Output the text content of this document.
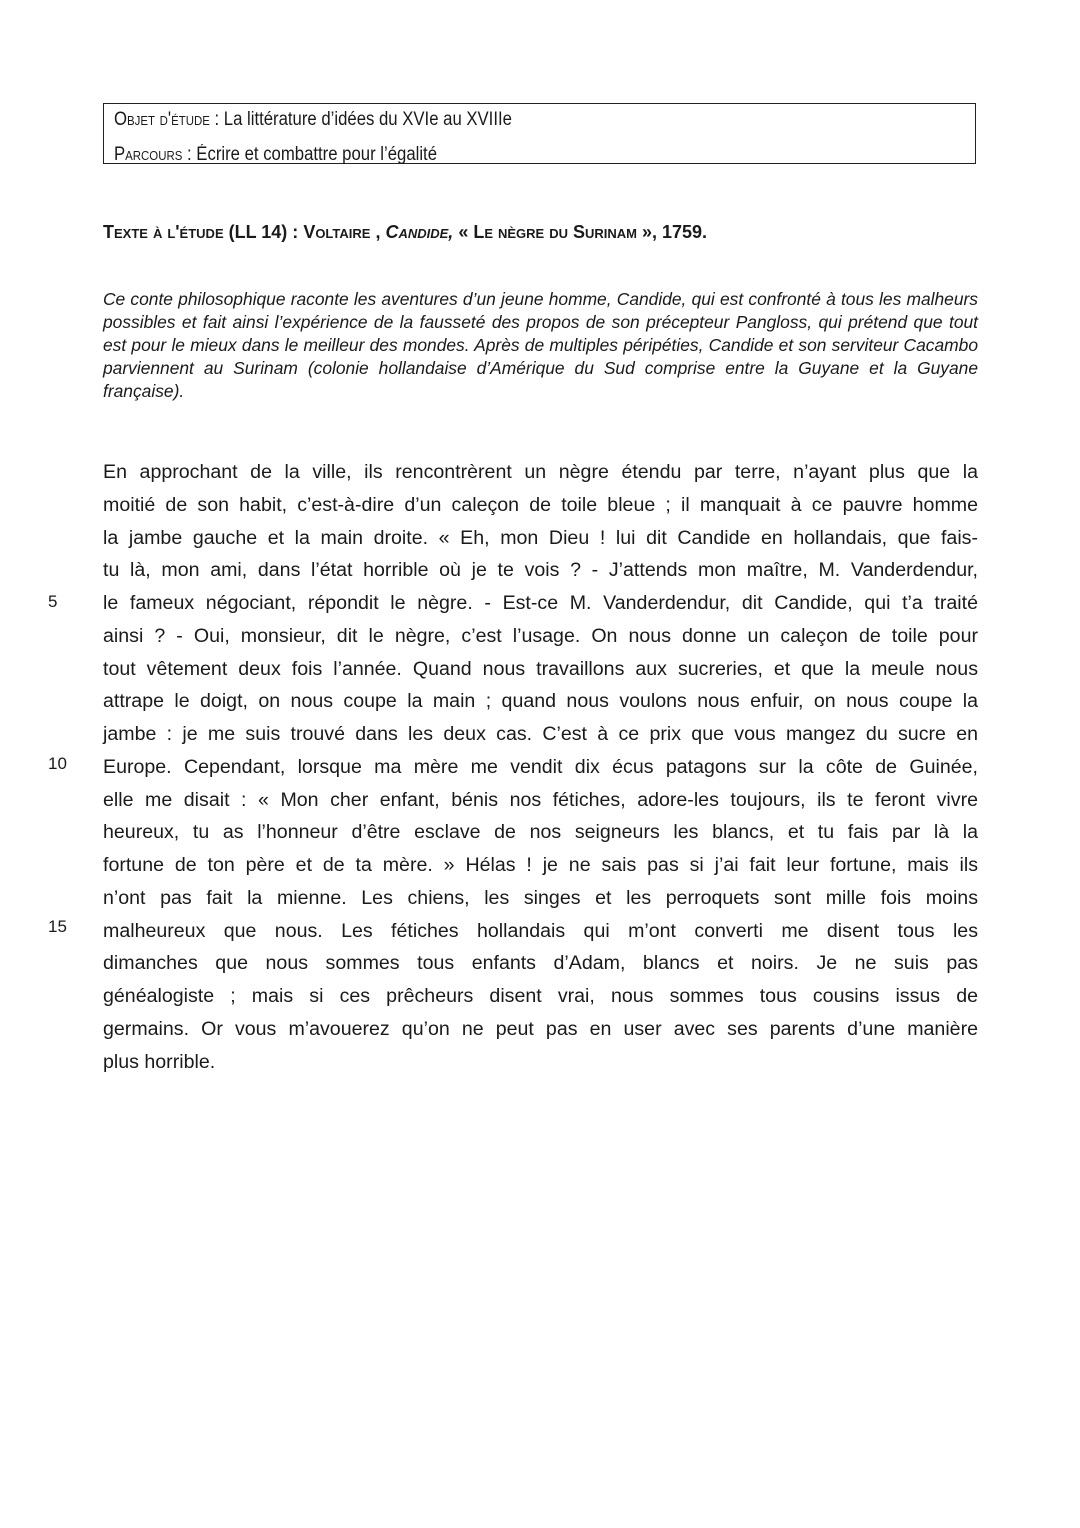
Objet d'étude : La littérature d’idées du XVIe au XVIIIe
Parcours : Écrire et combattre pour l’égalité
Texte à l'étude (LL 14) : Voltaire , Candide, « Le nègre du Surinam », 1759.

Ce conte philosophique raconte les aventures d’un jeune homme, Candide, qui est confronté à tous les malheurs possibles et fait ainsi l’expérience de la fausseté des propos de son précepteur Pangloss, qui prétend que tout est pour le mieux dans le meilleur des mondes. Après de multiples péripéties, Candide et son serviteur Cacambo parviennent au Surinam (colonie hollandaise d’Amérique du Sud comprise entre la Guyane et la Guyane française).

En approchant de la ville, ils rencontrèrent un nègre étendu par terre, n’ayant plus que la
moitié de son habit, c’est-à-dire d’un caleçon de toile bleue ; il manquait à ce pauvre homme
la jambe gauche et la main droite. « Eh, mon Dieu ! lui dit Candide en hollandais, que fais-
tu là, mon ami, dans l’état horrible où je te vois ? - J’attends mon maître, M. Vanderdendur,
le fameux négociant, répondit le nègre. - Est-ce M. Vanderdendur, dit Candide, qui t’a traité
ainsi ? - Oui, monsieur, dit le nègre, c’est l’usage. On nous donne un caleçon de toile pour
tout vêtement deux fois l’année. Quand nous travaillons aux sucreries, et que la meule nous
attrape le doigt, on nous coupe la main ; quand nous voulons nous enfuir, on nous coupe la
jambe : je me suis trouvé dans les deux cas. C’est à ce prix que vous mangez du sucre en
Europe. Cependant, lorsque ma mère me vendit dix écus patagons sur la côte de Guinée,
elle me disait : « Mon cher enfant, bénis nos fétiches, adore-les toujours, ils te feront vivre
heureux, tu as l’honneur d’être esclave de nos seigneurs les blancs, et tu fais par là la
fortune de ton père et de ta mère. » Hélas ! je ne sais pas si j’ai fait leur fortune, mais ils
n’ont pas fait la mienne. Les chiens, les singes et les perroquets sont mille fois moins
malheureux que nous. Les fétiches hollandais qui m’ont converti me disent tous les
dimanches que nous sommes tous enfants d’Adam, blancs et noirs. Je ne suis pas
généalogiste ; mais si ces prêcheurs disent vrai, nous sommes tous cousins issus de
germains. Or vous m’avouerez qu’on ne peut pas en user avec ses parents d’une manière
plus horrible.
5
10
15
